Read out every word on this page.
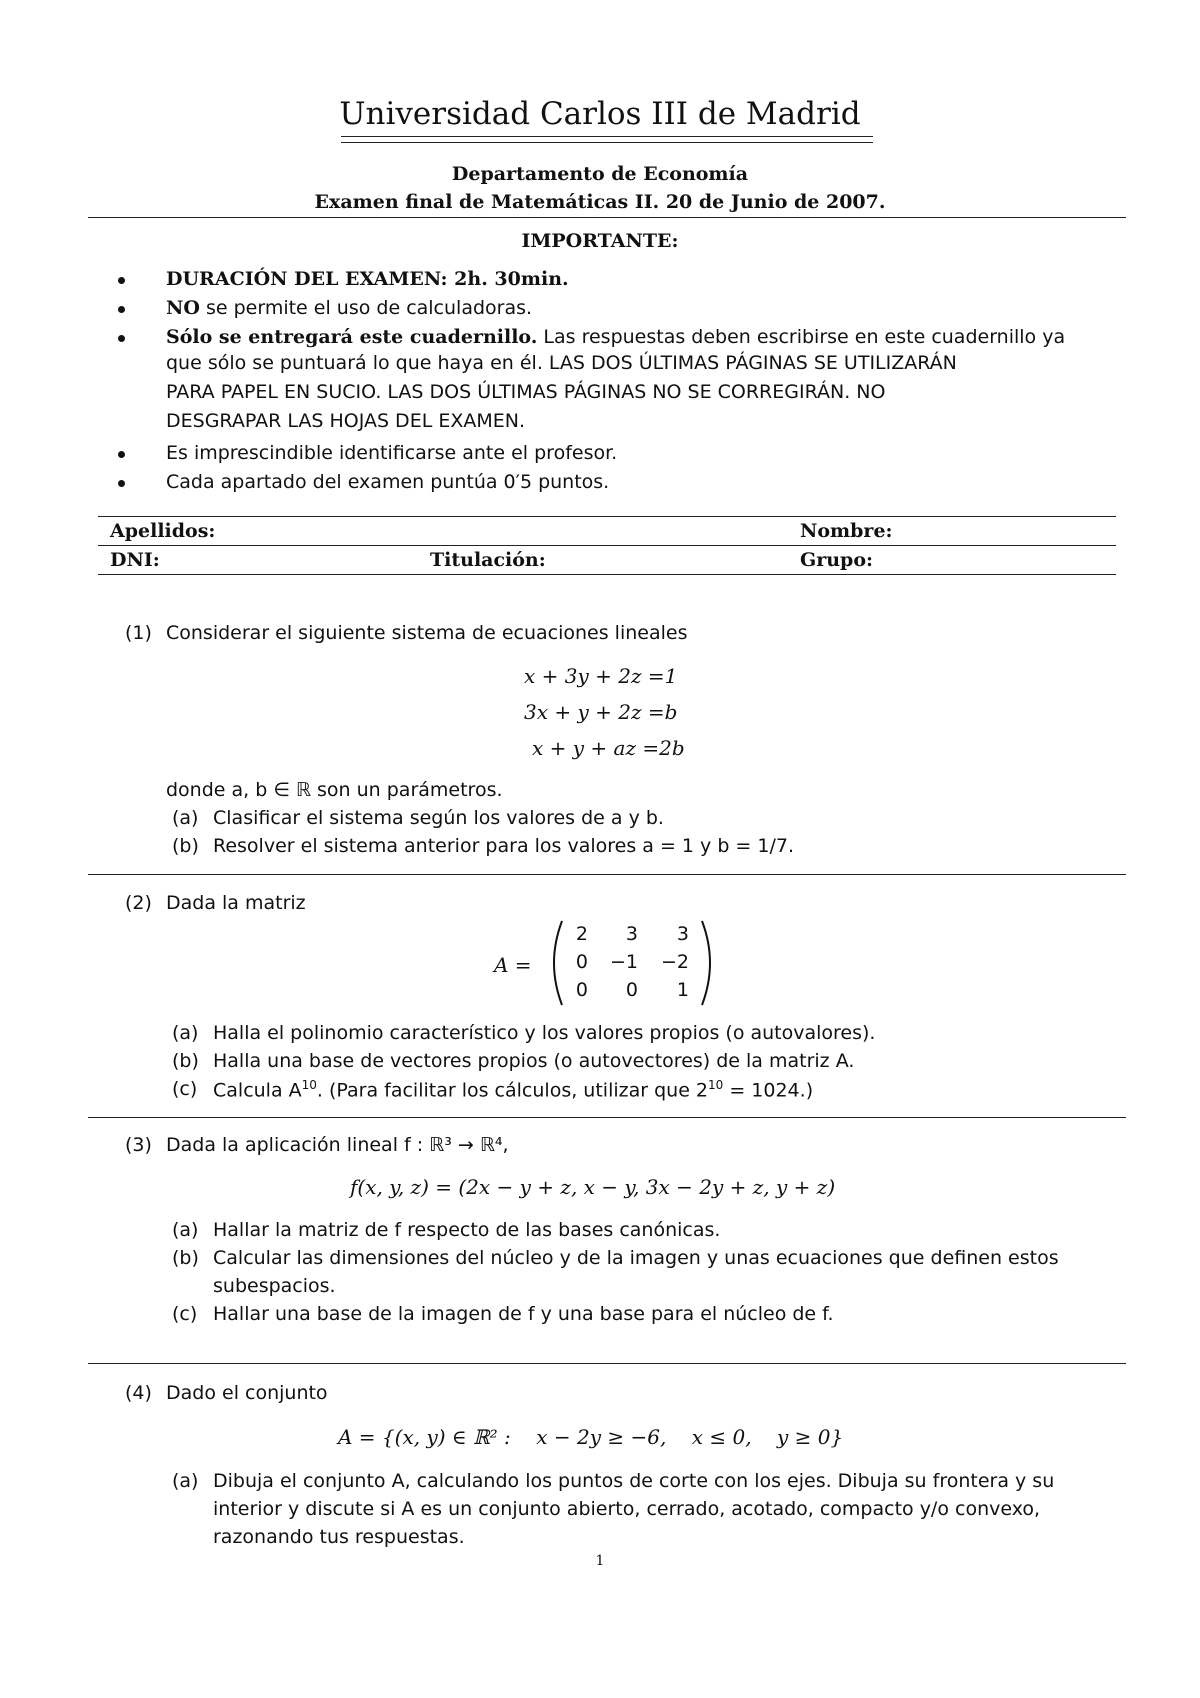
Universidad Carlos III de Madrid
Departamento de Economía
Examen final de Matemáticas II. 20 de Junio de 2007.
IMPORTANTE:
DURACIÓN DEL EXAMEN: 2h. 30min.
NO se permite el uso de calculadoras.
Sólo se entregará este cuadernillo. Las respuestas deben escribirse en este cuadernillo ya
que sólo se puntuará lo que haya en él. LAS DOS ÚLTIMAS PÁGINAS SE UTILIZARÁN
PARA PAPEL EN SUCIO. LAS DOS ÚLTIMAS PÁGINAS NO SE CORREGIRÁN. NO
DESGRAPAR LAS HOJAS DEL EXAMEN.
Es imprescindible identificarse ante el profesor.
Cada apartado del examen puntúa 0′5 puntos.
Apellidos:	Nombre:
DNI:	Titulación:	Grupo:
(1) Considerar el siguiente sistema de ecuaciones lineales
x + 3y + 2z =1
3x + y + 2z =b
x + y + az =2b
donde a, b ∈ ℝ son un parámetros.
(a) Clasificar el sistema según los valores de a y b.
(b) Resolver el sistema anterior para los valores a = 1 y b = 1/7.
(2) Dada la matriz
A =
2	3	3
0	−1	−2
0	0	1
(a) Halla el polinomio característico y los valores propios (o autovalores).
(b) Halla una base de vectores propios (o autovectores) de la matriz A.
(c) Calcula $A^{10}$. (Para facilitar los cálculos, utilizar que $2^{10} = 1024$.)
(3) Dada la aplicación lineal f : ℝ³ → ℝ⁴,
f(x, y, z) = (2x − y + z, x − y, 3x − 2y + z, y + z)
(a) Hallar la matriz de f respecto de las bases canónicas.
(b) Calcular las dimensiones del núcleo y de la imagen y unas ecuaciones que definen estos
subespacios.
(c) Hallar una base de la imagen de f y una base para el núcleo de f.
(4) Dado el conjunto
A = {(x, y) ∈ ℝ² :    x − 2y ≥ −6,    x ≤ 0,    y ≥ 0}
(a) Dibuja el conjunto A, calculando los puntos de corte con los ejes. Dibuja su frontera y su
interior y discute si A es un conjunto abierto, cerrado, acotado, compacto y/o convexo,
razonando tus respuestas.
1
